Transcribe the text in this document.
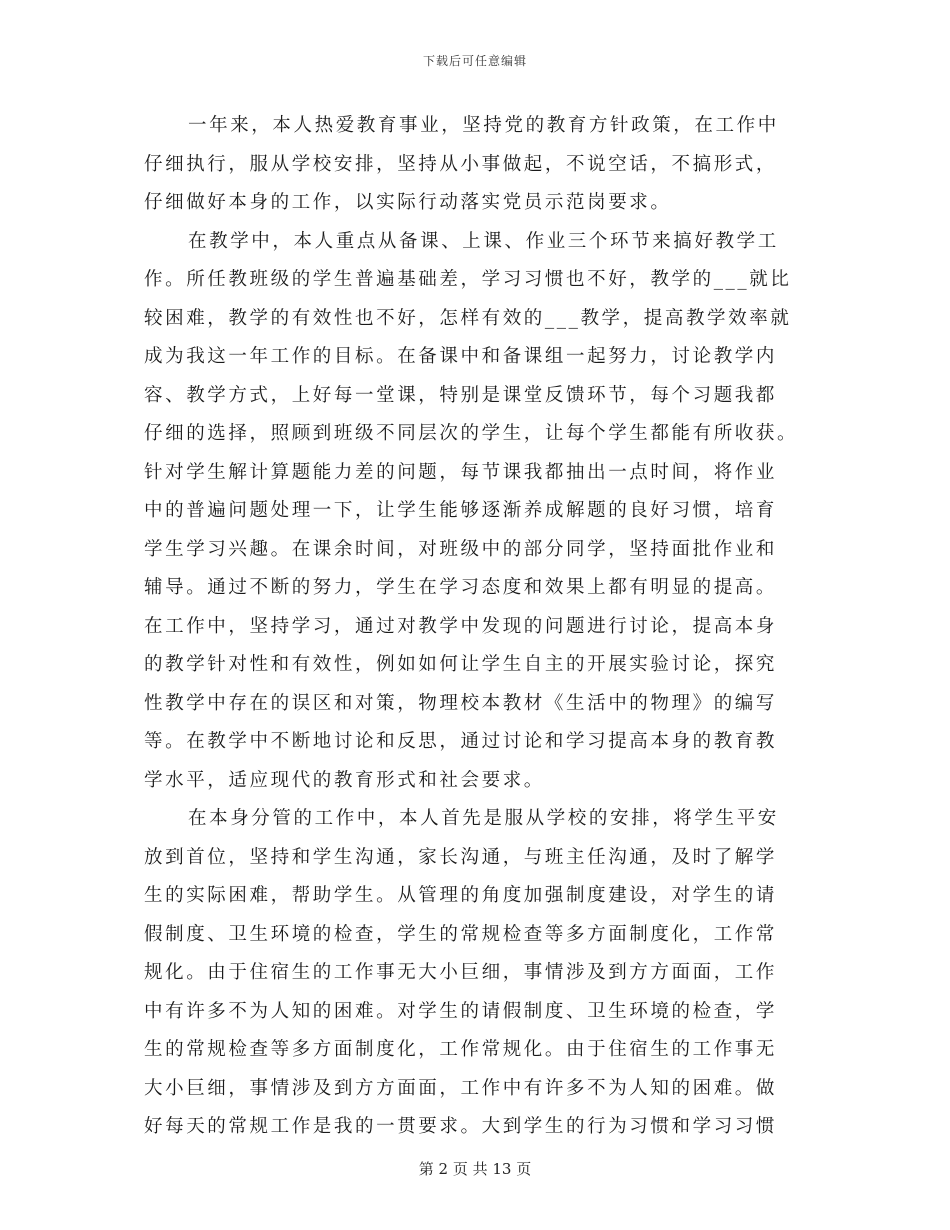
下载后可任意编辑
一年来，本人热爱教育事业，坚持党的教育方针政策，在工作中
仔细执行，服从学校安排，坚持从小事做起，不说空话，不搞形式，
仔细做好本身的工作，以实际行动落实党员示范岗要求。
在教学中，本人重点从备课、上课、作业三个环节来搞好教学工
作。所任教班级的学生普遍基础差，学习习惯也不好，教学的___就比
较困难，教学的有效性也不好，怎样有效的___教学，提高教学效率就
成为我这一年工作的目标。在备课中和备课组一起努力，讨论教学内
容、教学方式，上好每一堂课，特别是课堂反馈环节，每个习题我都
仔细的选择，照顾到班级不同层次的学生，让每个学生都能有所收获。
针对学生解计算题能力差的问题，每节课我都抽出一点时间，将作业
中的普遍问题处理一下，让学生能够逐渐养成解题的良好习惯，培育
学生学习兴趣。在课余时间，对班级中的部分同学，坚持面批作业和
辅导。通过不断的努力，学生在学习态度和效果上都有明显的提高。
在工作中，坚持学习，通过对教学中发现的问题进行讨论，提高本身
的教学针对性和有效性，例如如何让学生自主的开展实验讨论，探究
性教学中存在的误区和对策，物理校本教材《生活中的物理》的编写
等。在教学中不断地讨论和反思，通过讨论和学习提高本身的教育教
学水平，适应现代的教育形式和社会要求。
在本身分管的工作中，本人首先是服从学校的安排，将学生平安
放到首位，坚持和学生沟通，家长沟通，与班主任沟通，及时了解学
生的实际困难，帮助学生。从管理的角度加强制度建设，对学生的请
假制度、卫生环境的检查，学生的常规检查等多方面制度化，工作常
规化。由于住宿生的工作事无大小巨细，事情涉及到方方面面，工作
中有许多不为人知的困难。对学生的请假制度、卫生环境的检查，学
生的常规检查等多方面制度化，工作常规化。由于住宿生的工作事无
大小巨细，事情涉及到方方面面，工作中有许多不为人知的困难。做
好每天的常规工作是我的一贯要求。大到学生的行为习惯和学习习惯
第 2 页 共 13 页
